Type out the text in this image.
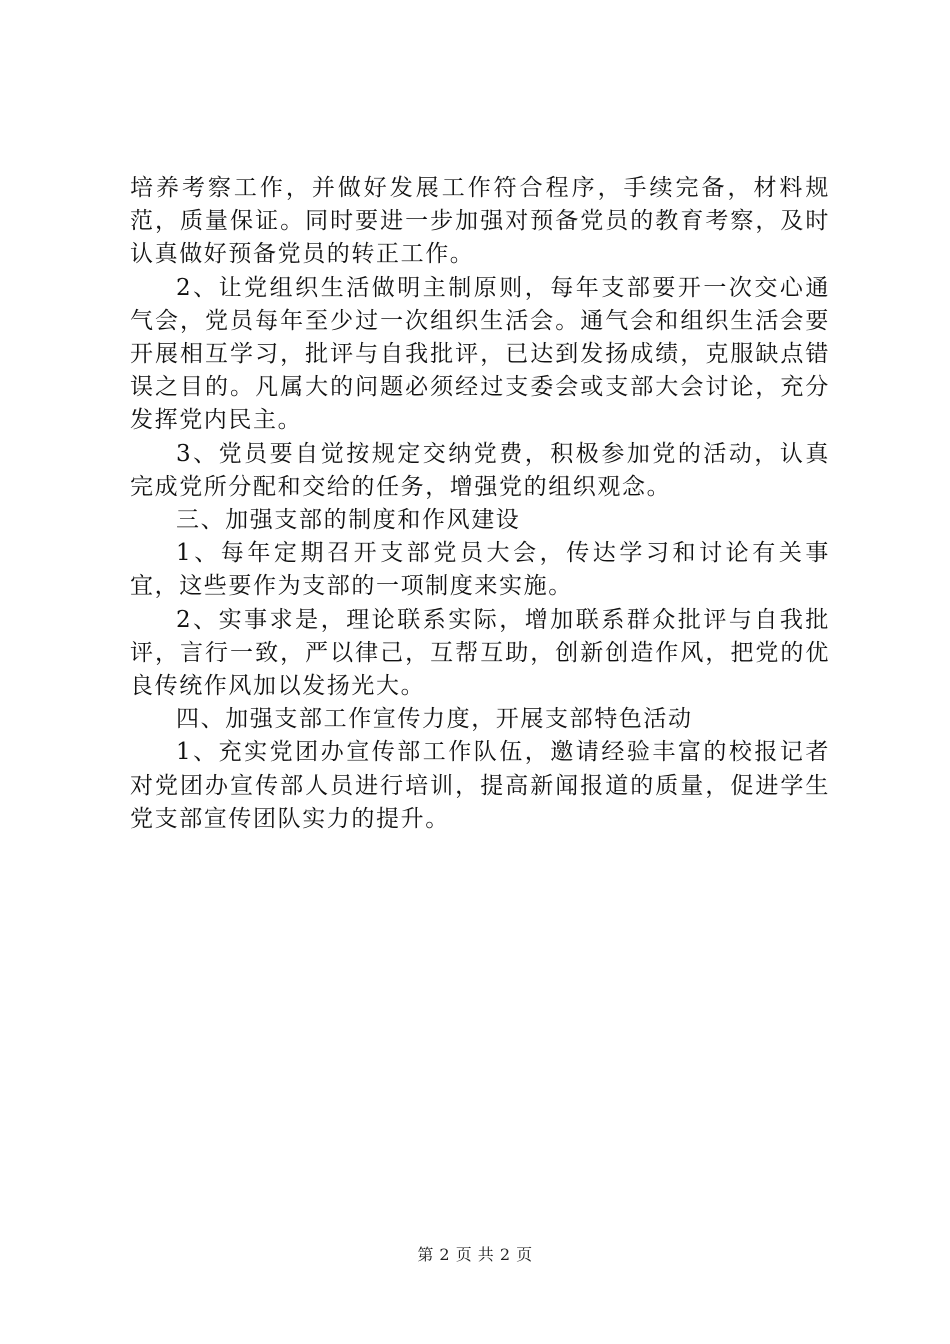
培养考察工作，并做好发展工作符合程序，手续完备，材料规范，质量保证。同时要进一步加强对预备党员的教育考察，及时认真做好预备党员的转正工作。

2、让党组织生活做明主制原则，每年支部要开一次交心通气会，党员每年至少过一次组织生活会。通气会和组织生活会要开展相互学习，批评与自我批评，已达到发扬成绩，克服缺点错误之目的。凡属大的问题必须经过支委会或支部大会讨论，充分发挥党内民主。

3、党员要自觉按规定交纳党费，积极参加党的活动，认真完成党所分配和交给的任务，增强党的组织观念。

三、加强支部的制度和作风建设

1、每年定期召开支部党员大会，传达学习和讨论有关事宜，这些要作为支部的一项制度来实施。

2、实事求是，理论联系实际，增加联系群众批评与自我批评，言行一致，严以律己，互帮互助，创新创造作风，把党的优良传统作风加以发扬光大。

四、加强支部工作宣传力度，开展支部特色活动

1、充实党团办宣传部工作队伍，邀请经验丰富的校报记者对党团办宣传部人员进行培训，提高新闻报道的质量，促进学生党支部宣传团队实力的提升。

第 2 页 共 2 页
